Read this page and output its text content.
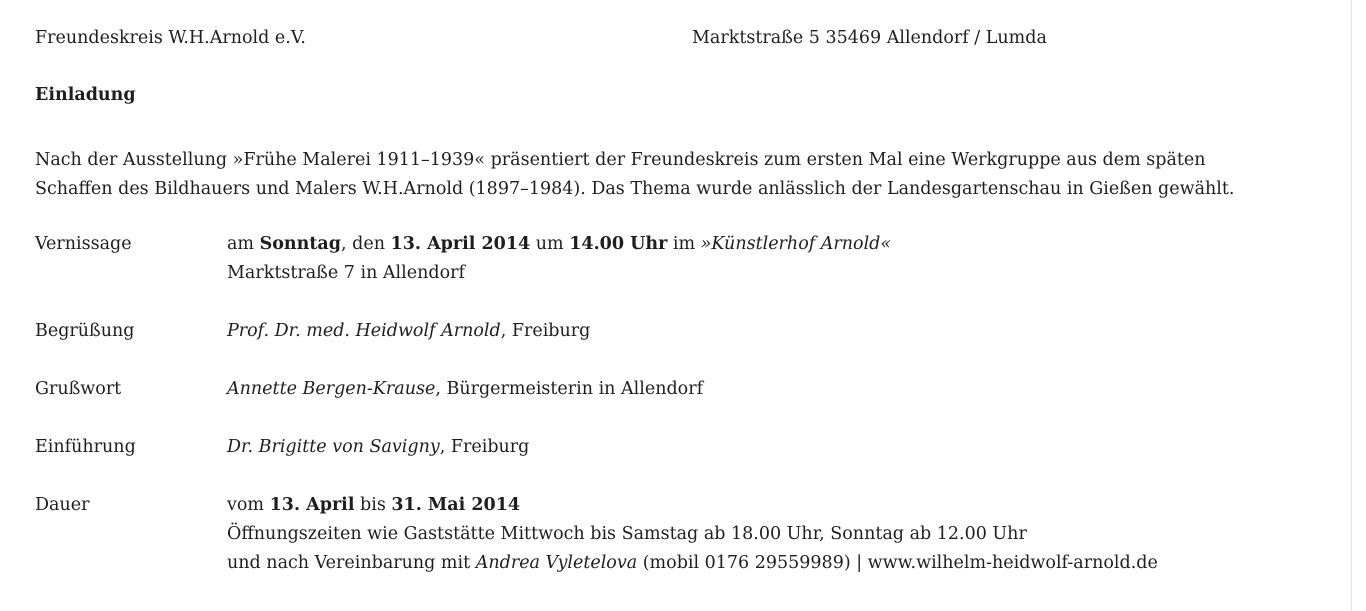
Freundeskreis W.H.Arnold e.V.	Marktstraße 5 35469 Allendorf / Lumda

Einladung
Nach der Ausstellung »Frühe Malerei 1911–1939« präsentiert der Freundeskreis zum ersten Mal eine Werkgruppe aus dem späten
Schaffen des Bildhauers und Malers W.H.Arnold (1897–1984). Das Thema wurde anlässlich der Landesgartenschau in Gießen gewählt.
Vernissage	am Sonntag, den 13. April 2014 um 14.00 Uhr im »Künstlerhof Arnold«
Marktstraße 7 in Allendorf
Begrüßung	Prof. Dr. med. Heidwolf Arnold, Freiburg
Grußwort	Annette Bergen-Krause, Bürgermeisterin in Allendorf
Einführung	Dr. Brigitte von Savigny, Freiburg
Dauer	vom 13. April bis 31. Mai 2014
Öffnungszeiten wie Gaststätte Mittwoch bis Samstag ab 18.00 Uhr, Sonntag ab 12.00 Uhr
und nach Vereinbarung mit Andrea Vyletelova (mobil 0176 29559989) | www.wilhelm-heidwolf-arnold.de
